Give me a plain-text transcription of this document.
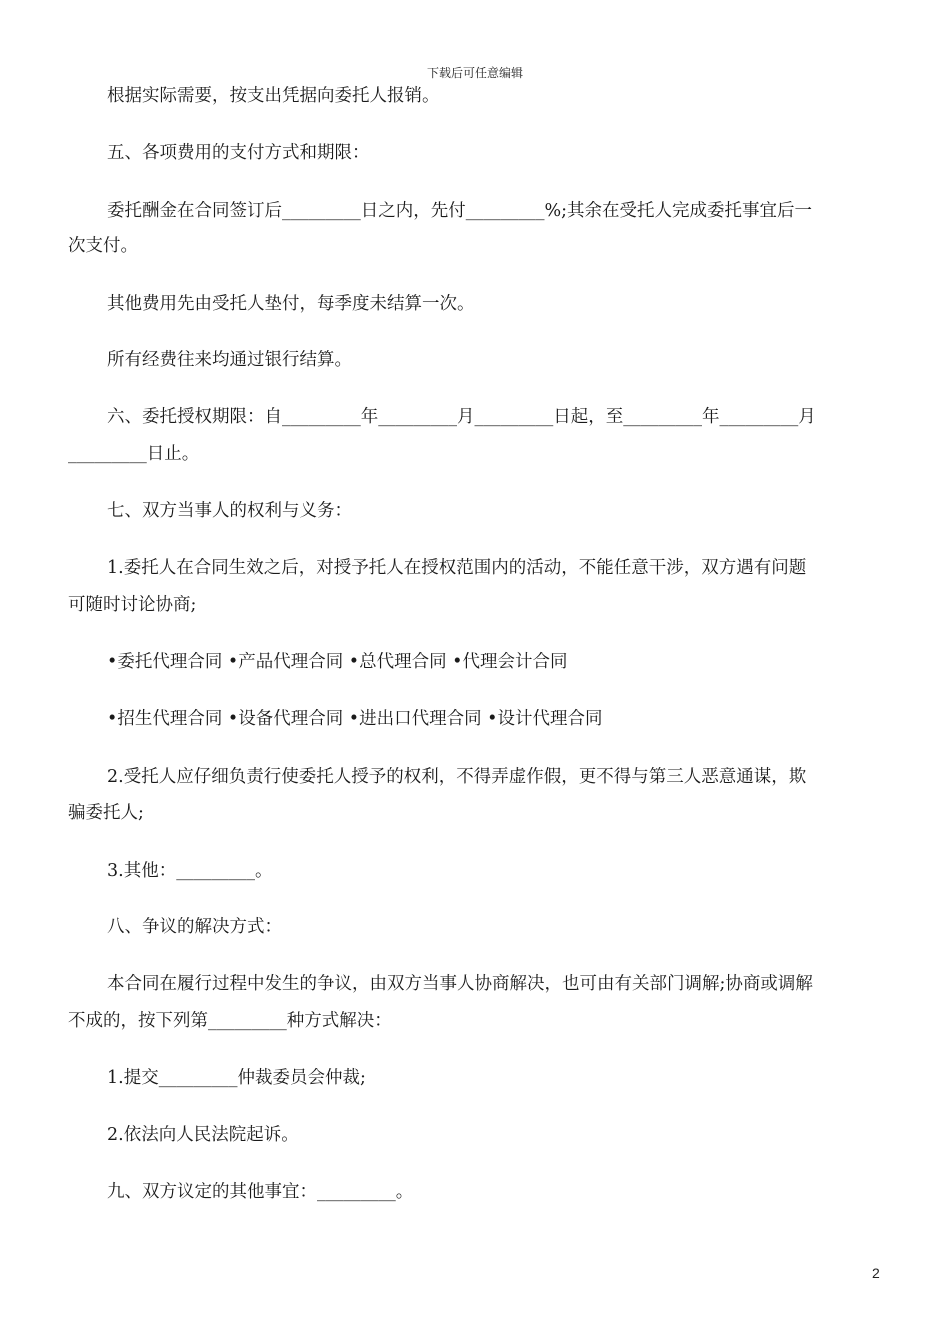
下载后可任意编辑
根据实际需要，按支出凭据向委托人报销。
五、各项费用的支付方式和期限：
委托酬金在合同签订后_________日之内，先付_________%;其余在受托人完成委托事宜后一
次支付。
其他费用先由受托人垫付，每季度未结算一次。
所有经费往来均通过银行结算。
六、委托授权期限：自_________年_________月_________日起，至_________年_________月
_________日止。
七、双方当事人的权利与义务：
1.委托人在合同生效之后，对授予托人在授权范围内的活动，不能任意干涉，双方遇有问题
可随时讨论协商;
•委托代理合同 •产品代理合同 •总代理合同 •代理会计合同
•招生代理合同 •设备代理合同 •进出口代理合同 •设计代理合同
2.受托人应仔细负责行使委托人授予的权利，不得弄虚作假，更不得与第三人恶意通谋，欺
骗委托人;
3.其他：_________。
八、争议的解决方式：
本合同在履行过程中发生的争议，由双方当事人协商解决，也可由有关部门调解;协商或调解
不成的，按下列第_________种方式解决：
1.提交_________仲裁委员会仲裁;
2.依法向人民法院起诉。
九、双方议定的其他事宜：_________。
2
